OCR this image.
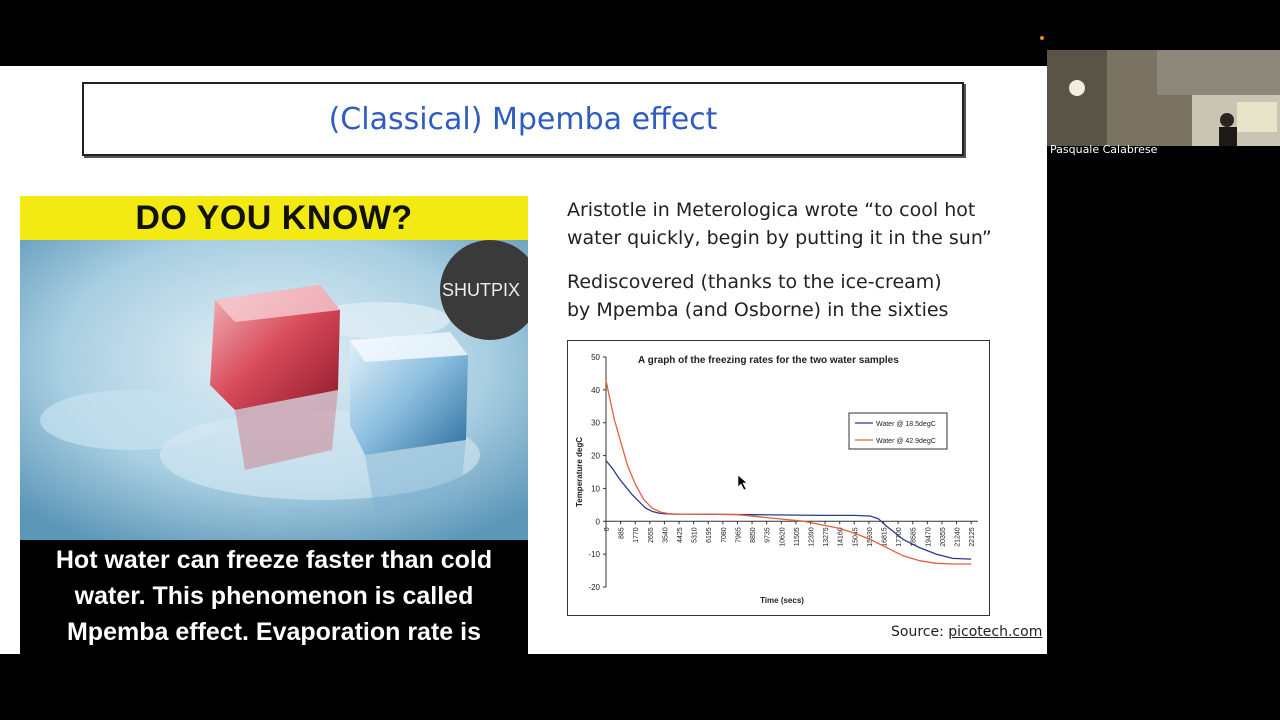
(Classical) Mpemba effect
DO YOU KNOW?
SHUTPIX
Hot water can freeze faster than cold
water. This phenomenon is called
Mpemba effect. Evaporation rate is
Aristotle in Meterologica wrote “to cool hot
water quickly, begin by putting it in the sun”
Rediscovered (thanks to the ice-cream)
by Mpemba (and Osborne) in the sixties
A graph of the freezing rates for the two water samples
50
40
30
20
10
0
-10
-20
Temperature degC
0 885 1770 2655 3540 4425 5310 6195 7080 7965 8850 9735 10620 11505 12390 13275 14160 15045 15930 16815 17700 18585 19470 20355 21240 22125
Time (secs)
Water @ 18.5degC
Water @ 42.9degC
Source: picotech.com
Pasquale Calabrese
